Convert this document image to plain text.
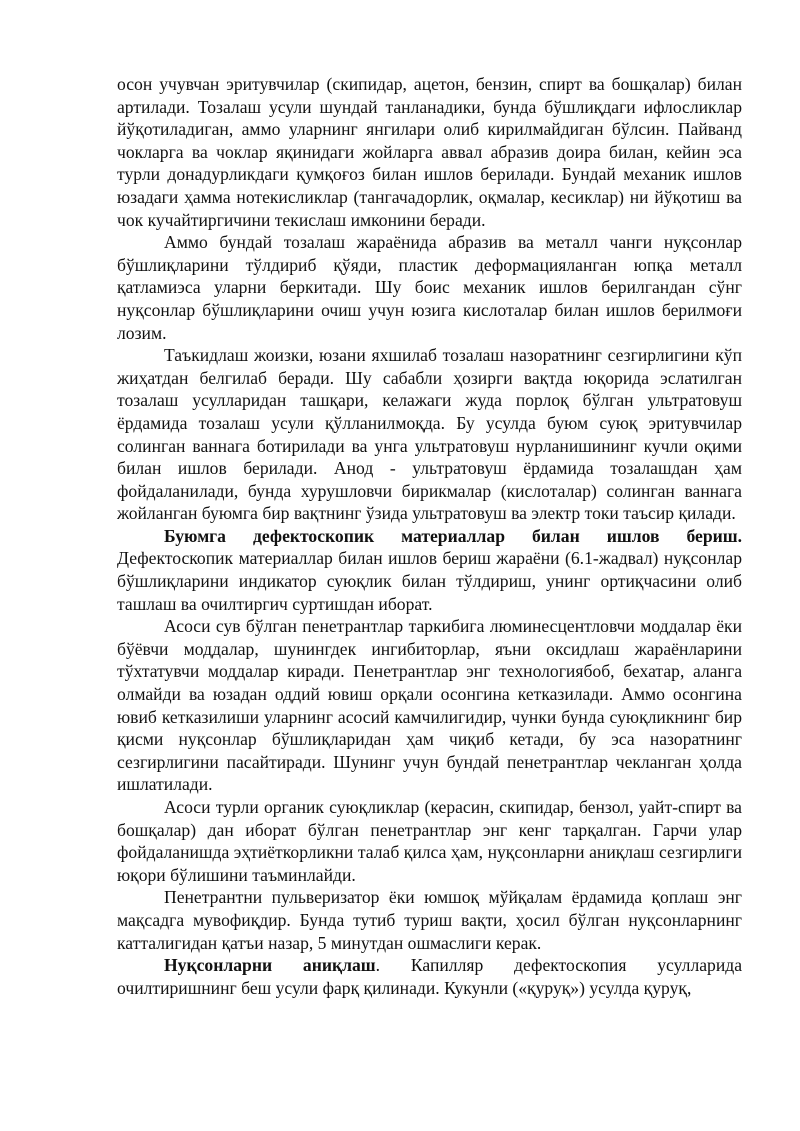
осон учувчан эритувчилар (скипидар, ацетон, бензин, спирт ва бошқалар) билан артилади. Тозалаш усули шундай танланадики, бунда бўшлиқдаги ифлосликлар йўқотиладиган, аммо уларнинг янгилари олиб кирилмайдиган бўлсин. Пайванд чокларга ва чоклар яқинидаги жойларга аввал абразив доира билан, кейин эса турли донадурликдаги қумқоғоз билан ишлов берилади. Бундай механик ишлов юзадаги ҳамма нотекисликлар (тангачадорлик, оқмалар, кесиклар) ни йўқотиш ва чок кучайтиргичини текислаш имконини беради.

Аммо бундай тозалаш жараёнида абразив ва металл чанги нуқсонлар бўшлиқларини тўлдириб қўяди, пластик деформацияланган юпқа металл қатламиэса уларни беркитади. Шу боис механик ишлов берилгандан сўнг нуқсонлар бўшлиқларини очиш учун юзига кислоталар билан ишлов берилмоғи лозим.

Таъкидлаш жоизки, юзани яхшилаб тозалаш назоратнинг сезгирлигини кўп жиҳатдан белгилаб беради. Шу сабабли ҳозирги вақтда юқорида эслатилган тозалаш усулларидан ташқари, келажаги жуда порлоқ бўлган ультратовуш ёрдамида тозалаш усули қўлланилмоқда. Бу усулда буюм суюқ эритувчилар солинган ваннага ботирилади ва унга ультратовуш нурланишининг кучли оқими билан ишлов берилади. Анод - ультратовуш ёрдамида тозалашдан ҳам фойдаланилади, бунда хурушловчи бирикмалар (кислоталар) солинган ваннага жойланган буюмга бир вақтнинг ўзида ультратовуш ва электр токи таъсир қилади.

Буюмга дефектоскопик материаллар билан ишлов бериш. Дефектоскопик материаллар билан ишлов бериш жараёни (6.1-жадвал) нуқсонлар бўшлиқларини индикатор суюқлик билан тўлдириш, унинг ортиқчасини олиб ташлаш ва очилтиргич суртишдан иборат.

Асоси сув бўлган пенетрантлар таркибига люминесцентловчи моддалар ёки бўёвчи моддалар, шунингдек ингибиторлар, яъни оксидлаш жараёнларини тўхтатувчи моддалар киради. Пенетрантлар энг технологиябоб, бехатар, аланга олмайди ва юзадан оддий ювиш орқали осонгина кетказилади. Аммо осонгина ювиб кетказилиши уларнинг асосий камчилигидир, чунки бунда суюқликнинг бир қисми нуқсонлар бўшлиқларидан ҳам чиқиб кетади, бу эса назоратнинг сезгирлигини пасайтиради. Шунинг учун бундай пенетрантлар чекланган ҳолда ишлатилади.

Асоси турли органик суюқликлар (керасин, скипидар, бензол, уайт-спирт ва бошқалар) дан иборат бўлган пенетрантлар энг кенг тарқалган. Гарчи улар фойдаланишда эҳтиёткорликни талаб қилса ҳам, нуқсонларни аниқлаш сезгирлиги юқори бўлишини таъминлайди.

Пенетрантни пульверизатор ёки юмшоқ мўйқалам ёрдамида қоплаш энг мақсадга мувофиқдир. Бунда тутиб туриш вақти, ҳосил бўлган нуқсонларнинг катталигидан қатъи назар, 5 минутдан ошмаслиги керак.

Нуқсонларни аниқлаш. Капилляр дефектоскопия усулларида очилтиришнинг беш усули фарқ қилинади. Кукунли («қуруқ») усулда қуруқ,
